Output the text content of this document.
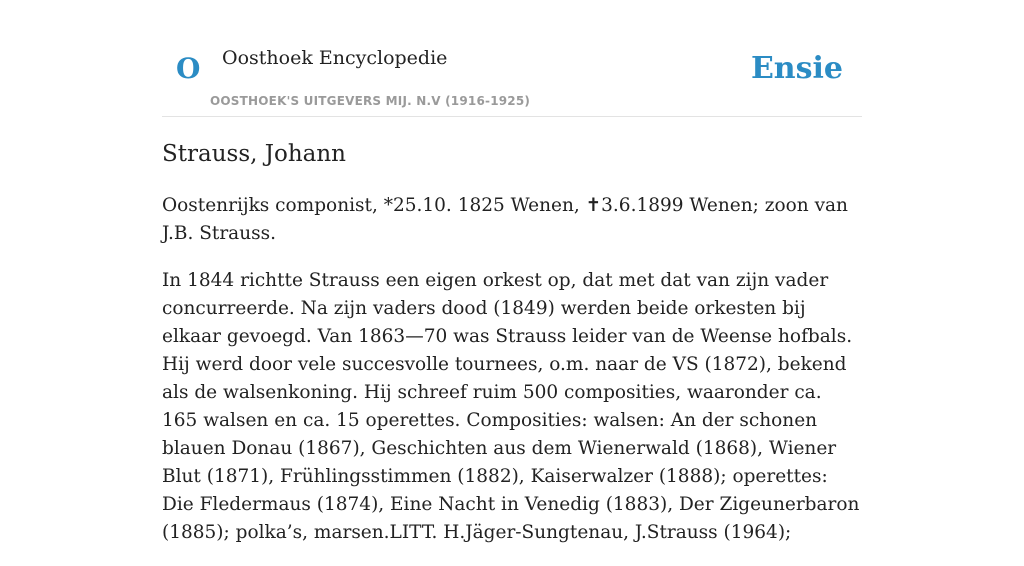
O Oosthoek Encyclopedie	Ensie
OOSTHOEK'S UITGEVERS MIJ. N.V (1916-1925)
Strauss, Johann

Oostenrijks componist, *25.10. 1825 Wenen, ✝3.6.1899 Wenen; zoon van J.B. Strauss.

In 1844 richtte Strauss een eigen orkest op, dat met dat van zijn vader concurreerde. Na zijn vaders dood (1849) werden beide orkesten bij elkaar gevoegd. Van 1863—70 was Strauss leider van de Weense hofbals. Hij werd door vele succesvolle tournees, o.m. naar de VS (1872), bekend als de walsenkoning. Hij schreef ruim 500 composities, waaronder ca. 165 walsen en ca. 15 operettes. Composities: walsen: An der schonen blauen Donau (1867), Geschichten aus dem Wienerwald (1868), Wiener Blut (1871), Frühlingsstimmen (1882), Kaiserwalzer (1888); operettes: Die Fledermaus (1874), Eine Nacht in Venedig (1883), Der Zigeunerbaron (1885); polka’s, marsen.LITT. H.Jäger-Sungtenau, J.Strauss (1964);
